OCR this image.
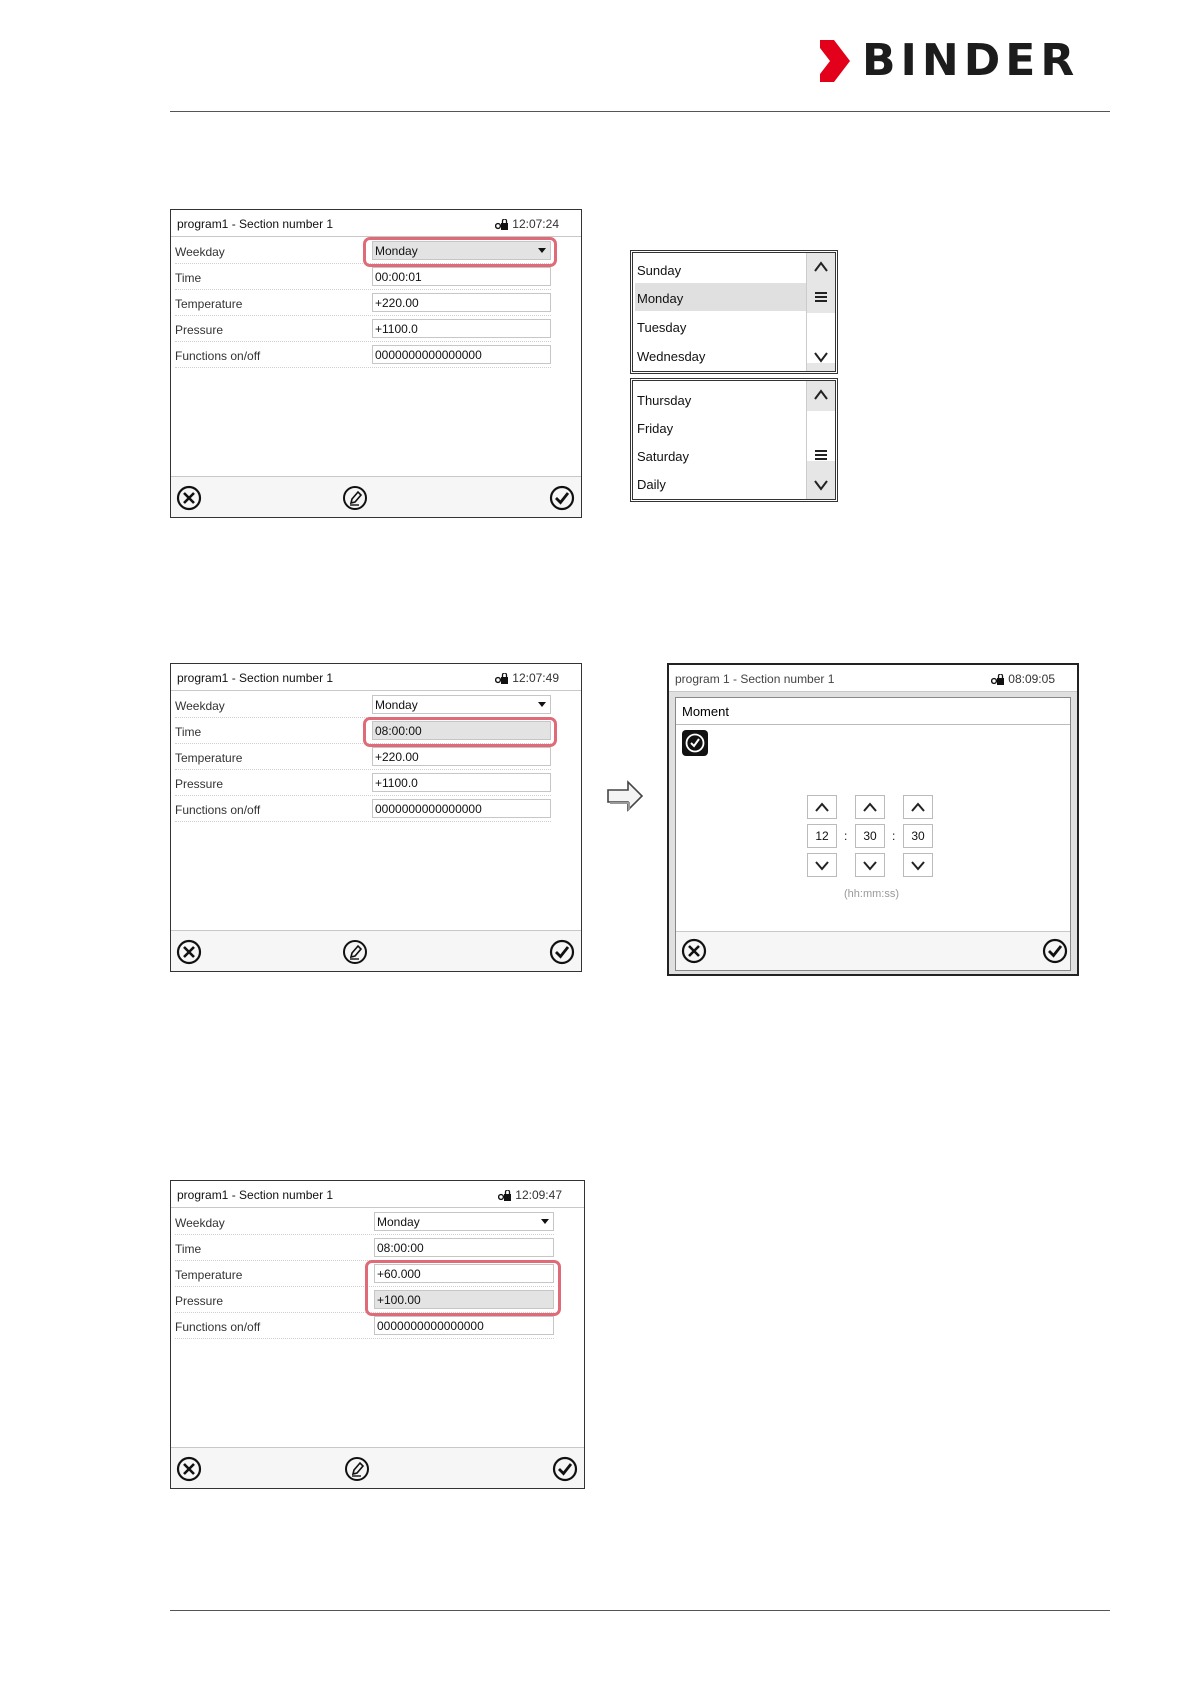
BINDER
program1 - Section number 1	12:07:24
Weekday	Monday
Time	00:00:01
Temperature	+220.00
Pressure	+1100.0
Functions on/off	0000000000000000
Sunday
Monday
Tuesday
Wednesday
Thursday
Friday
Saturday
Daily
program1 - Section number 1	12:07:49
Weekday	Monday
Time	08:00:00
Temperature	+220.00
Pressure	+1100.0
Functions on/off	0000000000000000
program 1 - Section number 1	08:09:05
Moment
12	:	30	:	30
(hh:mm:ss)
program1 - Section number 1	12:09:47
Weekday	Monday
Time	08:00:00
Temperature	+60.000
Pressure	+100.00
Functions on/off	0000000000000000
